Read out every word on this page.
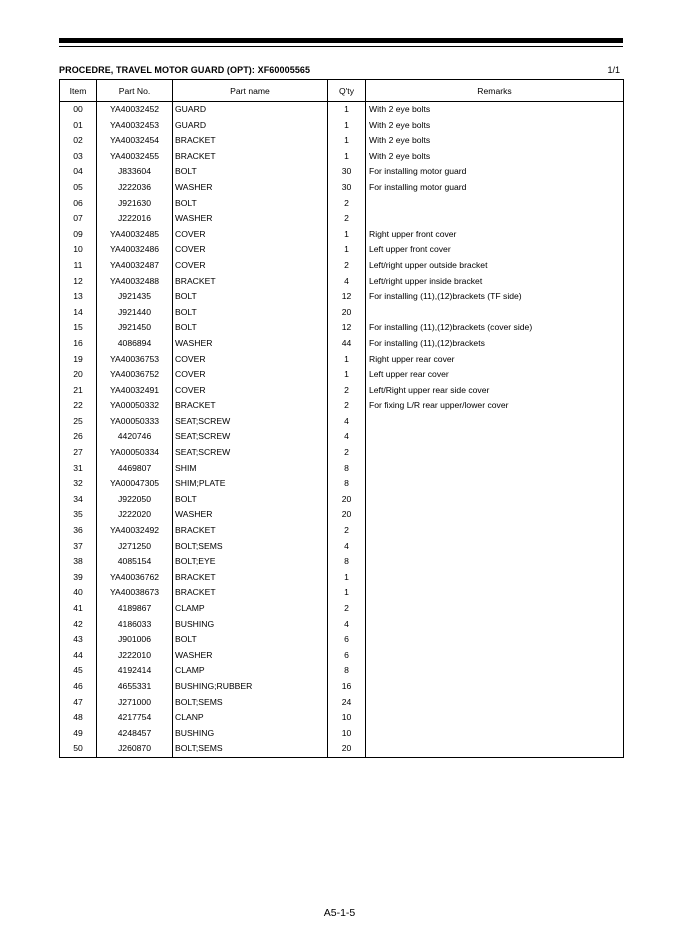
PROCEDRE, TRAVEL MOTOR GUARD (OPT): XF60005565	1/1
Item	Part No.	Part name	Q'ty	Remarks
00	YA40032452	GUARD	1	With 2 eye bolts
01	YA40032453	GUARD	1	With 2 eye bolts
02	YA40032454	BRACKET	1	With 2 eye bolts
03	YA40032455	BRACKET	1	With 2 eye bolts
04	J833604	BOLT	30	For installing motor guard
05	J222036	WASHER	30	For installing motor guard
06	J921630	BOLT	2	
07	J222016	WASHER	2	
09	YA40032485	COVER	1	Right upper front cover
10	YA40032486	COVER	1	Left upper front cover
11	YA40032487	COVER	2	Left/right upper outside bracket
12	YA40032488	BRACKET	4	Left/right upper inside bracket
13	J921435	BOLT	12	For installing (11),(12)brackets (TF side)
14	J921440	BOLT	20	
15	J921450	BOLT	12	For installing (11),(12)brackets (cover side)
16	4086894	WASHER	44	For installing (11),(12)brackets
19	YA40036753	COVER	1	Right upper rear cover
20	YA40036752	COVER	1	Left upper rear cover
21	YA40032491	COVER	2	Left/Right upper rear side cover
22	YA00050332	BRACKET	2	For fixing L/R rear upper/lower cover
25	YA00050333	SEAT;SCREW	4	
26	4420746	SEAT;SCREW	4	
27	YA00050334	SEAT;SCREW	2	
31	4469807	SHIM	8	
32	YA00047305	SHIM;PLATE	8	
34	J922050	BOLT	20	
35	J222020	WASHER	20	
36	YA40032492	BRACKET	2	
37	J271250	BOLT;SEMS	4	
38	4085154	BOLT;EYE	8	
39	YA40036762	BRACKET	1	
40	YA40038673	BRACKET	1	
41	4189867	CLAMP	2	
42	4186033	BUSHING	4	
43	J901006	BOLT	6	
44	J222010	WASHER	6	
45	4192414	CLAMP	8	
46	4655331	BUSHING;RUBBER	16	
47	J271000	BOLT;SEMS	24	
48	4217754	CLANP	10	
49	4248457	BUSHING	10	
50	J260870	BOLT;SEMS	20	
A5-1-5
